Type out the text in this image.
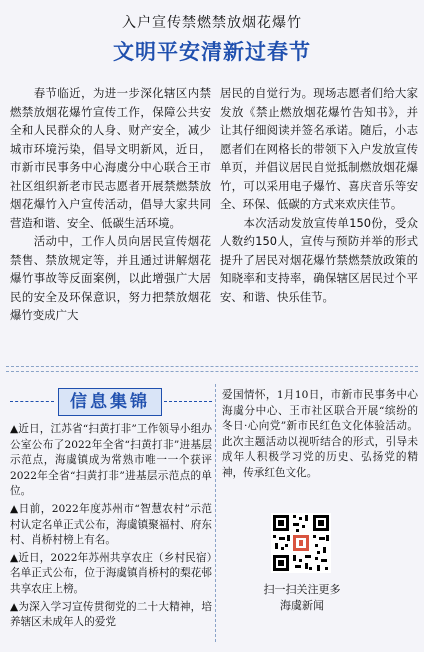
入户宣传禁燃禁放烟花爆竹
文明平安清新过春节

　　春节临近，为进一步深化辖区内禁燃禁放烟花爆竹宣传工作，保障公共安全和人民群众的人身、财产安全，减少城市环境污染，倡导文明新风，近日，市新市民事务中心海虞分中心联合王市社区组织新老市民志愿者开展禁燃禁放烟花爆竹入户宣传活动，倡导大家共同营造和谐、安全、低碳生活环境。

　　活动中，工作人员向居民宣传烟花禁售、禁放规定等，并且通过讲解烟花爆竹事故等反面案例，以此增强广大居民的安全及环保意识，努力把禁放烟花爆竹变成广大

居民的自觉行为。现场志愿者们给大家发放《禁止燃放烟花爆竹告知书》，并让其仔细阅读并签名承诺。随后，小志愿者们在网格长的带领下入户发放宣传单页，并倡议居民自觉抵制燃放烟花爆竹，可以采用电子爆竹、喜庆音乐等安全、环保、低碳的方式来欢庆佳节。

　　本次活动发放宣传单150份，受众人数约150人，宣传与预防并举的形式提升了居民对烟花爆竹禁燃禁放政策的知晓率和支持率，确保辖区居民过个平安、和谐、快乐佳节。

信息集锦

▲近日，江苏省“扫黄打非”工作领导小组办公室公布了2022年全省“扫黄打非”进基层示范点，海虞镇成为常熟市唯一一个获评2022年全省“扫黄打非”进基层示范点的单位。

▲日前，2022年度苏州市“智慧农村”示范村认定名单正式公布，海虞镇聚福村、府东村、肖桥村榜上有名。

▲近日，2022年苏州共享农庄（乡村民宿）名单正式公布，位于海虞镇肖桥村的梨花邨共享农庄上榜。

▲为深入学习宣传贯彻党的二十大精神，培养辖区未成年人的爱党

爱国情怀，1月10日，市新市民事务中心海虞分中心、王市社区联合开展“缤纷的冬日·心向党”新市民红色文化体验活动。此次主题活动以视听结合的形式，引导未成年人积极学习党的历史、弘扬党的精神，传承红色文化。

扫一扫关注更多
海虞新闻
